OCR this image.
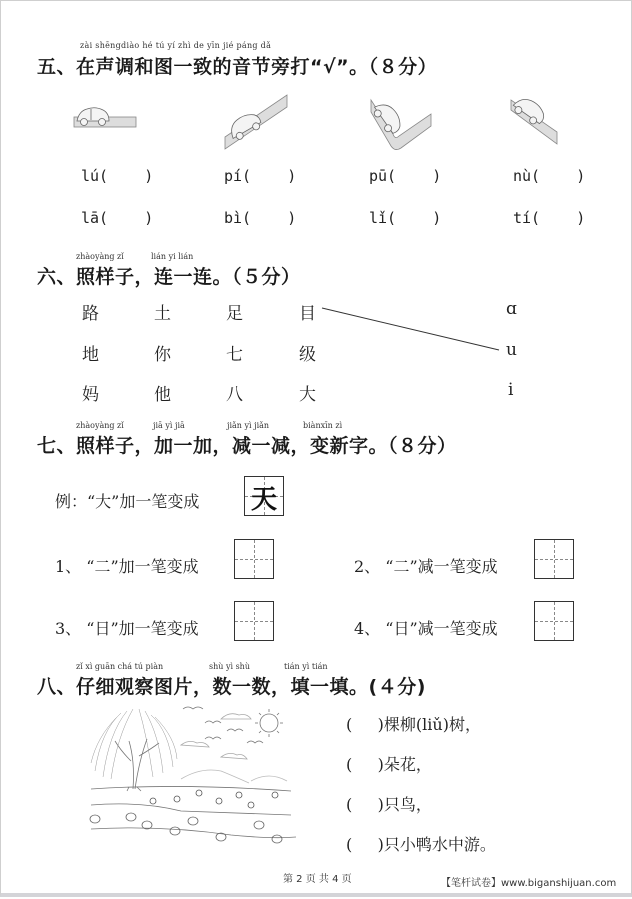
zài shēngdiào hé tú yí zhì de yīn jié páng dǎ
五、在声调和图一致的音节旁打“√”。（８分）
lú(    )	pí(    )	pū(    )	nù(    )
lā(    )	bì(    )	lǐ(    )	tí(    )
zhàoyàng zǐ	lián yi lián
六、照样子，连一连。（５分）
路	土	足	目
地	你	七	级
妈	他	八	大
ɑ
u
i
zhàoyàng zǐ	jiā yì jiā	jiǎn yì jiǎn	biànxīn zì
七、照样子，加一加，减一减，变新字。（８分）
例：“大”加一笔变成 天
1、 “二”加一笔变成	2、 “二”减一笔变成
3、 “日”加一笔变成	4、 “日”减一笔变成
zǐ xì guān chá tú piàn	shù yì shù	tián yì tián
八、仔细观察图片，数一数，填一填。(４分)
(     )棵柳(liǔ)树，
(     )朵花，
(     )只鸟，
(     )只小鸭水中游。
第 2 页 共 4 页	【笔杆试卷】www.biganshijuan.com
